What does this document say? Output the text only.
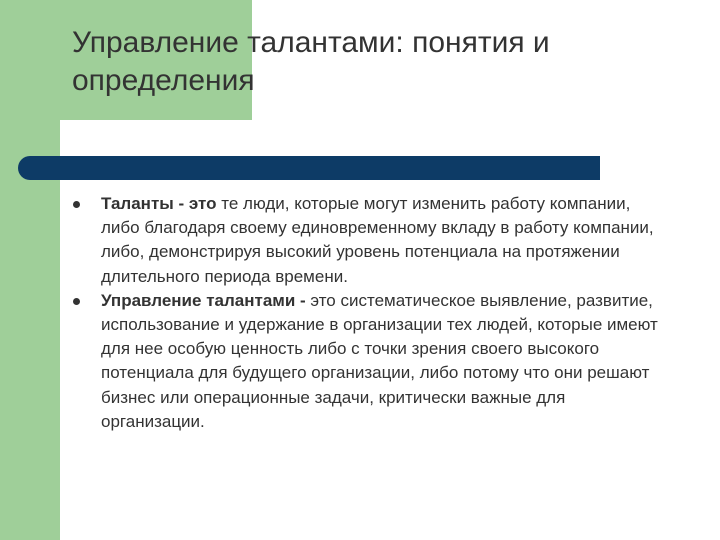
Управление талантами: понятия и определения
Таланты - это те люди, которые могут изменить работу компании, либо благодаря своему единовременному вкладу в работу компании, либо, демонстрируя высокий уровень потенциала на протяжении длительного периода времени.
Управление талантами - это систематическое выявление, развитие, использование и удержание в организации тех людей, которые имеют для нее особую ценность либо с точки зрения своего высокого потенциала для будущего организации, либо потому что они решают бизнес или операционные задачи, критически важные для организации.
